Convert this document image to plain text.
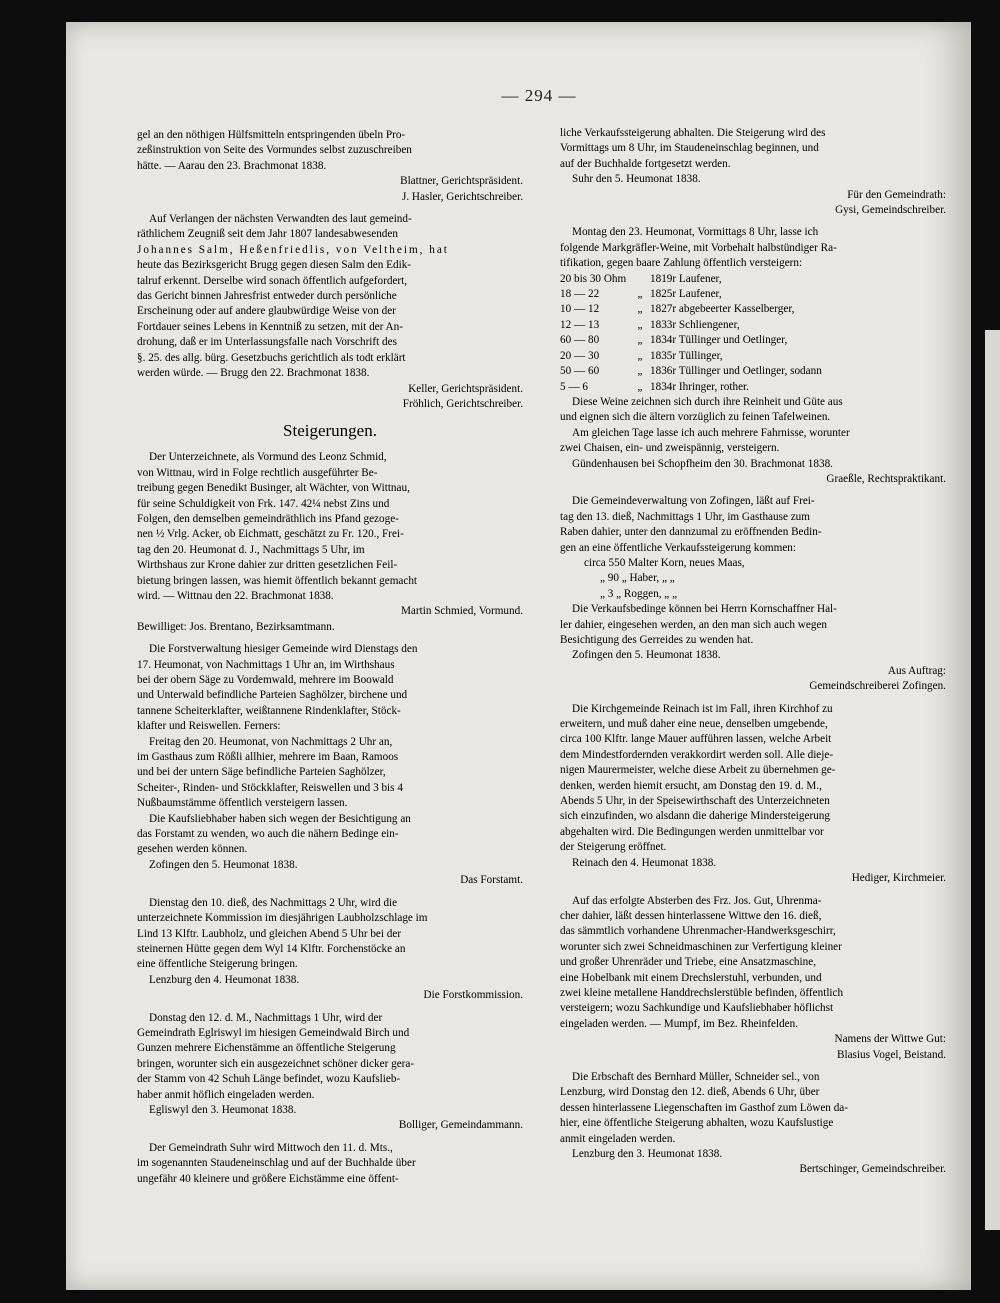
— 294 —
gel an den nöthigen Hülfsmitteln entspringenden übeln Pro-
zeßinstruktion von Seite des Vormundes selbst zuzuschreiben
hätte. — Aarau den 23. Brachmonat 1838.
Blattner, Gerichtspräsident.
J. Hasler, Gerichtschreiber.
Auf Verlangen der nächsten Verwandten des laut gemeind-
räthlichem Zeugniß seit dem Jahr 1807 landesabwesenden
Johannes Salm, Heßenfriedlis, von Veltheim, hat
heute das Bezirksgericht Brugg gegen diesen Salm den Edik-
talruf erkennt. Derselbe wird sonach öffentlich aufgefordert,
das Gericht binnen Jahresfrist entweder durch persönliche
Erscheinung oder auf andere glaubwürdige Weise von der
Fortdauer seines Lebens in Kenntniß zu setzen, mit der An-
drohung, daß er im Unterlassungsfalle nach Vorschrift des
§. 25. des allg. bürg. Gesetzbuchs gerichtlich als todt erklärt
werden würde. — Brugg den 22. Brachmonat 1838.
Keller, Gerichtspräsident.
Fröhlich, Gerichtschreiber.
Steigerungen.
Der Unterzeichnete, als Vormund des Leonz Schmid,
von Wittnau, wird in Folge rechtlich ausgeführter Be-
treibung gegen Benedikt Businger, alt Wächter, von Wittnau,
für seine Schuldigkeit von Frk. 147. 42¼ nebst Zins und
Folgen, den demselben gemeindräthlich ins Pfand gezoge-
nen ½ Vrlg. Acker, ob Eichmatt, geschätzt zu Fr. 120., Frei-
tag den 20. Heumonat d. J., Nachmittags 5 Uhr, im
Wirthshaus zur Krone dahier zur dritten gesetzlichen Feil-
bietung bringen lassen, was hiemit öffentlich bekannt gemacht
wird. — Wittnau den 22. Brachmonat 1838.
Martin Schmied, Vormund.
Bewilliget: Jos. Brentano, Bezirksamtmann.
Die Forstverwaltung hiesiger Gemeinde wird Dienstags den
17. Heumonat, von Nachmittags 1 Uhr an, im Wirthshaus
bei der obern Säge zu Vordemwald, mehrere im Boowald
und Unterwald befindliche Parteien Saghölzer, birchene und
tannene Scheiterklafter, weißtannene Rindenklafter, Stöck-
klafter und Reiswellen. Ferners:
Freitag den 20. Heumonat, von Nachmittags 2 Uhr an,
im Gasthaus zum Rößli allhier, mehrere im Baan, Ramoos
und bei der untern Säge befindliche Parteien Saghölzer,
Scheiter-, Rinden- und Stöckklafter, Reiswellen und 3 bis 4
Nußbaumstämme öffentlich versteigern lassen.
Die Kaufsliebhaber haben sich wegen der Besichtigung an
das Forstamt zu wenden, wo auch die nähern Bedinge ein-
gesehen werden können.
Zofingen den 5. Heumonat 1838.
Das Forstamt.
Dienstag den 10. dieß, des Nachmittags 2 Uhr, wird die
unterzeichnete Kommission im diesjährigen Laubholzschlage im
Lind 13 Klftr. Laubholz, und gleichen Abend 5 Uhr bei der
steinernen Hütte gegen dem Wyl 14 Klftr. Forchenstöcke an
eine öffentliche Steigerung bringen.
Lenzburg den 4. Heumonat 1838.
Die Forstkommission.
Donstag den 12. d. M., Nachmittags 1 Uhr, wird der
Gemeindrath Eglriswyl im hiesigen Gemeindwald Birch und
Gunzen mehrere Eichenstämme an öffentliche Steigerung
bringen, worunter sich ein ausgezeichnet schöner dicker gera-
der Stamm von 42 Schuh Länge befindet, wozu Kaufslieb-
haber anmit höflich eingeladen werden.
Egliswyl den 3. Heumonat 1838.
Bolliger, Gemeindammann.
Der Gemeindrath Suhr wird Mittwoch den 11. d. Mts.,
im sogenannten Staudeneinschlag und auf der Buchhalde über
ungefähr 40 kleinere und größere Eichstämme eine öffent-
liche Verkaufssteigerung abhalten. Die Steigerung wird des
Vormittags um 8 Uhr, im Staudeneinschlag beginnen, und
auf der Buchhalde fortgesetzt werden.
Suhr den 5. Heumonat 1838.
Für den Gemeindrath:
Gysi, Gemeindschreiber.
Montag den 23. Heumonat, Vormittags 8 Uhr, lasse ich
folgende Markgräfler-Weine, mit Vorbehalt halbstündiger Ra-
tifikation, gegen baare Zahlung öffentlich versteigern:
20 bis 30 Ohm		1819r Laufener,
18 — 22	„	1825r Laufener,
10 — 12	„	1827r abgebeerter Kasselberger,
12 — 13	„	1833r Schliengener,
60 — 80	„	1834r Tüllinger und Oetlinger,
20 — 30	„	1835r Tüllinger,
50 — 60	„	1836r Tüllinger und Oetlinger, sodann
5 — 6	„	1834r Ihringer, rother.
Diese Weine zeichnen sich durch ihre Reinheit und Güte aus
und eignen sich die ältern vorzüglich zu feinen Tafelweinen.
Am gleichen Tage lasse ich auch mehrere Fahrnisse, worunter
zwei Chaisen, ein- und zweispännig, versteigern.
Gündenhausen bei Schopfheim den 30. Brachmonat 1838.
Graeßle, Rechtspraktikant.
Die Gemeindeverwaltung von Zofingen, läßt auf Frei-
tag den 13. dieß, Nachmittags 1 Uhr, im Gasthause zum
Raben dahier, unter den dannzumal zu eröffnenden Bedin-
gen an eine öffentliche Verkaufssteigerung kommen:
circa 550 Malter Korn, neues Maas,
„ 90 „ Haber, „ „
„ 3 „ Roggen, „ „
Die Verkaufsbedinge können bei Herrn Kornschaffner Hal-
ler dahier, eingesehen werden, an den man sich auch wegen
Besichtigung des Gerreides zu wenden hat.
Zofingen den 5. Heumonat 1838.
Aus Auftrag:
Gemeindschreiberei Zofingen.
Die Kirchgemeinde Reinach ist im Fall, ihren Kirchhof zu
erweitern, und muß daher eine neue, denselben umgebende,
circa 100 Klftr. lange Mauer aufführen lassen, welche Arbeit
dem Mindestfordernden verakkordirt werden soll. Alle dieje-
nigen Maurermeister, welche diese Arbeit zu übernehmen ge-
denken, werden hiemit ersucht, am Donstag den 19. d. M.,
Abends 5 Uhr, in der Speisewirthschaft des Unterzeichneten
sich einzufinden, wo alsdann die daherige Mindersteigerung
abgehalten wird. Die Bedingungen werden unmittelbar vor
der Steigerung eröffnet.
Reinach den 4. Heumonat 1838.
Hediger, Kirchmeier.
Auf das erfolgte Absterben des Frz. Jos. Gut, Uhrenma-
cher dahier, läßt dessen hinterlassene Wittwe den 16. dieß,
das sämmtlich vorhandene Uhrenmacher-Handwerksgeschirr,
worunter sich zwei Schneidmaschinen zur Verfertigung kleiner
und großer Uhrenräder und Triebe, eine Ansatzmaschine,
eine Hobelbank mit einem Drechslerstuhl, verbunden, und
zwei kleine metallene Handdrechslerstüble befinden, öffentlich
versteigern; wozu Sachkundige und Kaufsliebhaber höflichst
eingeladen werden. — Mumpf, im Bez. Rheinfelden.
Namens der Wittwe Gut:
Blasius Vogel, Beistand.
Die Erbschaft des Bernhard Müller, Schneider sel., von
Lenzburg, wird Donstag den 12. dieß, Abends 6 Uhr, über
dessen hinterlassene Liegenschaften im Gasthof zum Löwen da-
hier, eine öffentliche Steigerung abhalten, wozu Kaufslustige
anmit eingeladen werden.
Lenzburg den 3. Heumonat 1838.
Bertschinger, Gemeindschreiber.
